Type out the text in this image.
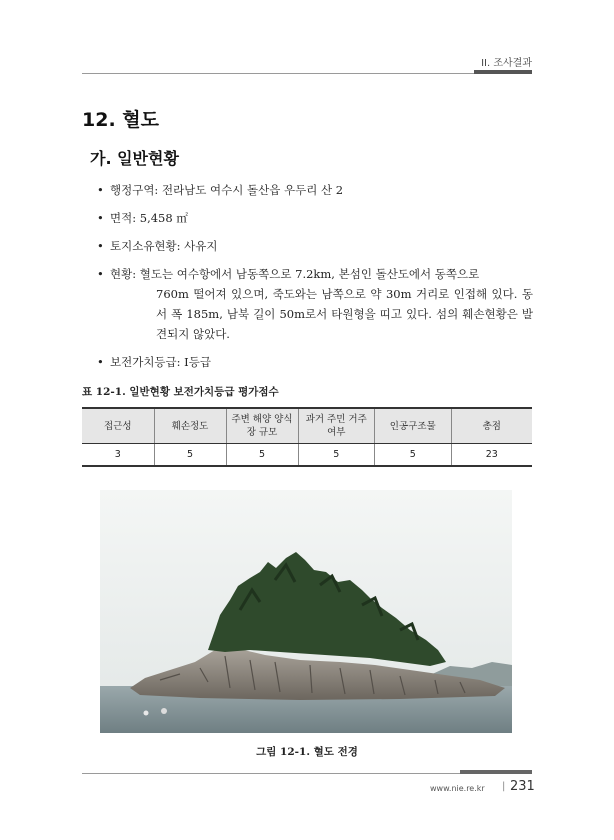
II. 조사결과
12. 혈도
가. 일반현황
• 행정구역: 전라남도 여수시 돌산읍 우두리 산 2
• 면적: 5,458 ㎡
• 토지소유현황: 사유지
• 현황: 혈도는 여수항에서 남동쪽으로 7.2km, 본섬인 돌산도에서 동쪽으로
760m 떨어져 있으며, 죽도와는 남쪽으로 약 30m 거리로 인접해 있다. 동서 폭 185m, 남북 길이 50m로서 타원형을 띠고 있다. 섬의 훼손현황은 발견되지 않았다.
• 보전가치등급: Ⅰ등급
표 12-1. 일반현황 보전가치등급 평가점수
접근성	훼손정도	주변 해양 양식장 규모	과거 주민 거주 여부	인공구조물	총점
3	5	5	5	5	23
그림 12-1. 혈도 전경
www.nie.re.kr | 231
